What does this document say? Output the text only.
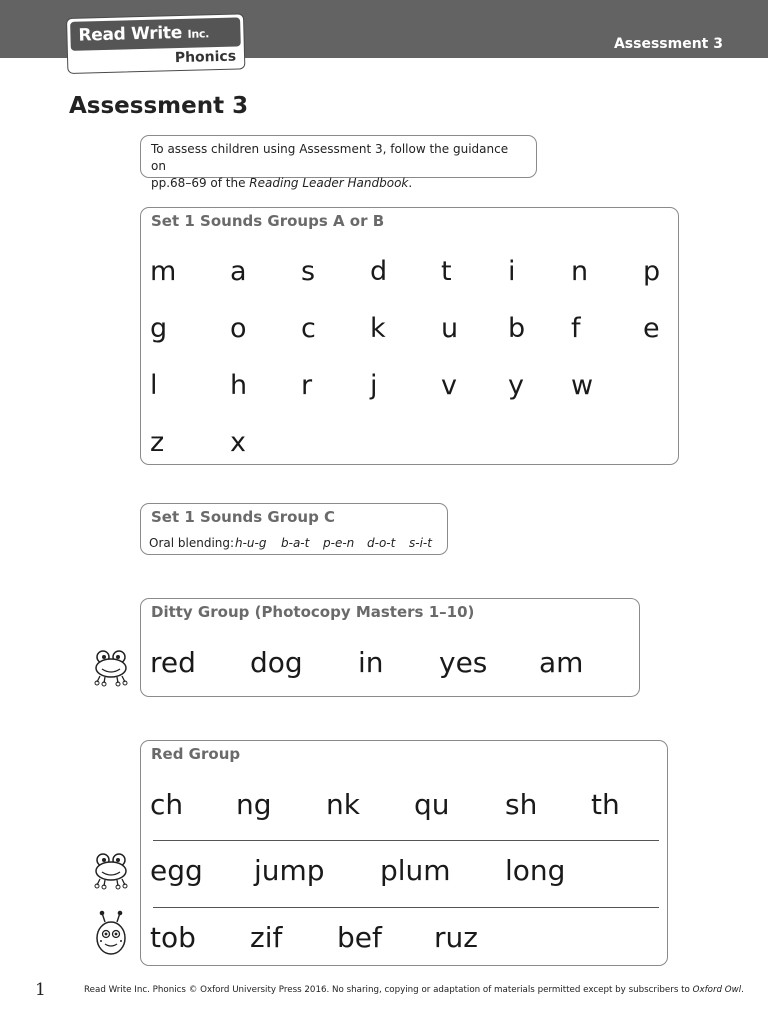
Assessment 3
Read Write Inc.
Phonics
Assessment 3
To assess children using Assessment 3, follow the guidance on
pp.68–69 of the Reading Leader Handbook.
Set 1 Sounds Groups A or B
m a s d t i n p
g o c k u b f e
l	h r j v y w
z x
Set 1 Sounds Group C
Oral blending: h-u-g b-a-t p-e-n d-o-t s-i-t
Ditty Group (Photocopy Masters 1–10)
red dog in yes am
Red Group
ch ng nk qu sh th
egg jump plum long
tob zif bef ruz
1	Read Write Inc. Phonics © Oxford University Press 2016. No sharing, copying or adaptation of materials permitted except by subscribers to Oxford Owl.
